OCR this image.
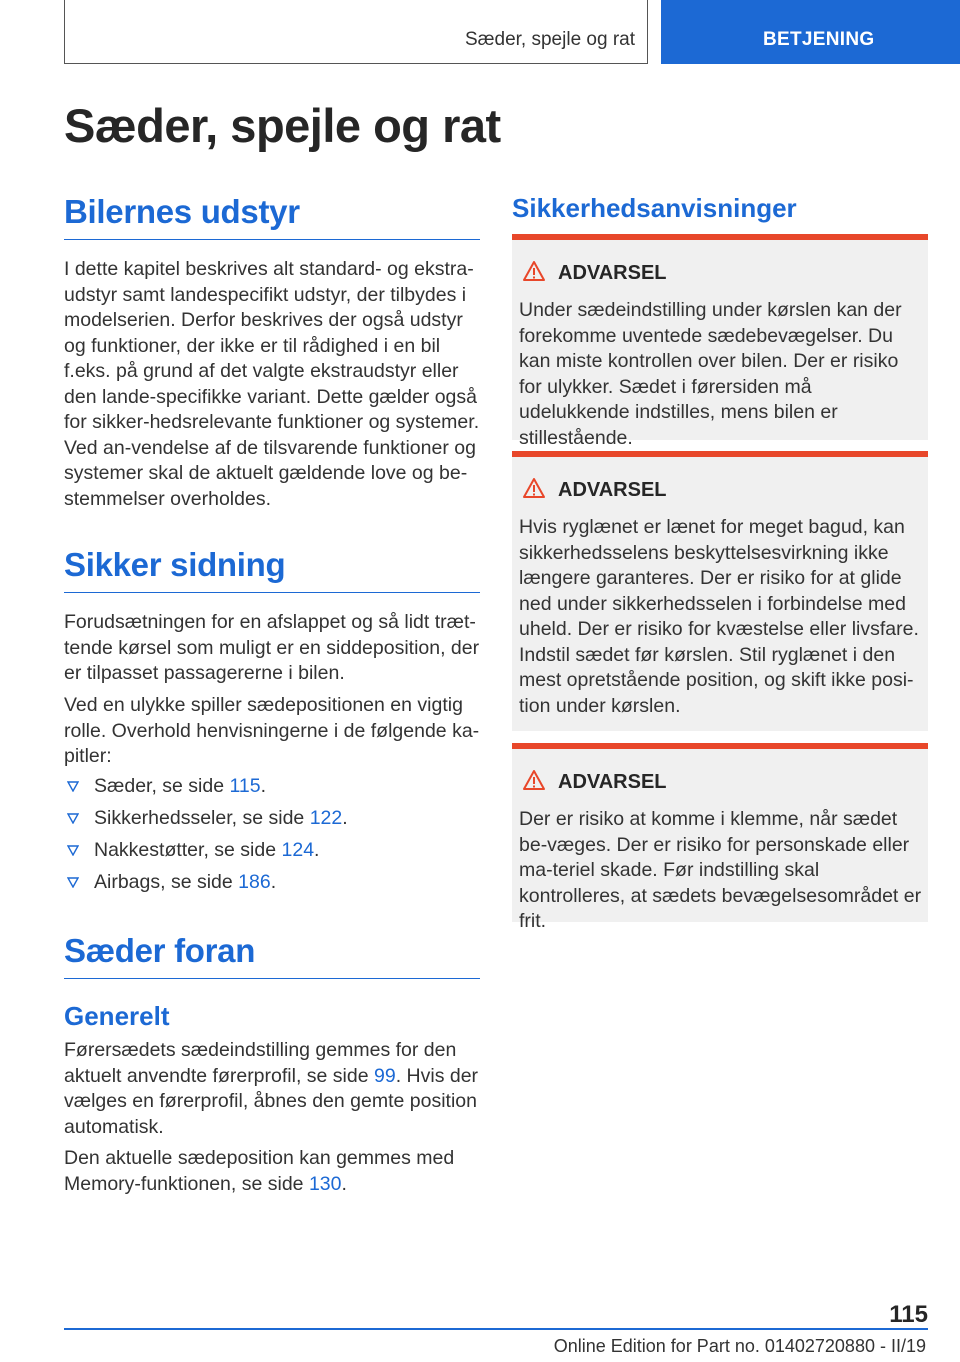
Sæder, spejle og rat	BETJENING
Sæder, spejle og rat
Bilernes udstyr

I dette kapitel beskrives alt standard- og ekstra-udstyr samt landespecifikt udstyr, der tilbydes i modelserien. Derfor beskrives der også udstyr og funktioner, der ikke er til rådighed i en bil f.eks. på grund af det valgte ekstraudstyr eller den lande-specifikke variant. Dette gælder også for sikker-hedsrelevante funktioner og systemer. Ved an-vendelse af de tilsvarende funktioner og systemer skal de aktuelt gældende love og be-stemmelser overholdes.

Sikker sidning

Forudsætningen for en afslappet og så lidt træt-tende kørsel som muligt er en siddeposition, der er tilpasset passagererne i bilen.

Ved en ulykke spiller sædepositionen en vigtig rolle. Overhold henvisningerne i de følgende ka-pitler:

Sæder, se side 115.
Sikkerhedsseler, se side 122.
Nakkestøtter, se side 124.
Airbags, se side 186.
Sæder foran
Generelt

Førersædets sædeindstilling gemmes for den aktuelt anvendte førerprofil, se side 99. Hvis der vælges en førerprofil, åbnes den gemte position automatisk.

Den aktuelle sædeposition kan gemmes med Memory-funktionen, se side 130.

Sikkerhedsanvisninger
ADVARSEL

Under sædeindstilling under kørslen kan der forekomme uventede sædebevægelser. Du kan miste kontrollen over bilen. Der er risiko for ulykker. Sædet i førersiden må udelukkende indstilles, mens bilen er stillestående.

ADVARSEL

Hvis ryglænet er lænet for meget bagud, kan sikkerhedsselens beskyttelsesvirkning ikke længere garanteres. Der er risiko for at glide ned under sikkerhedsselen i forbindelse med uheld. Der er risiko for kvæstelse eller livsfare. Indstil sædet før kørslen. Stil ryglænet i den mest opretstående position, og skift ikke posi-tion under kørslen.

ADVARSEL

Der er risiko at komme i klemme, når sædet be-væges. Der er risiko for personskade eller ma-teriel skade. Før indstilling skal kontrolleres, at sædets bevægelsesområdet er frit.

115
Online Edition for Part no. 01402720880 - II/19
